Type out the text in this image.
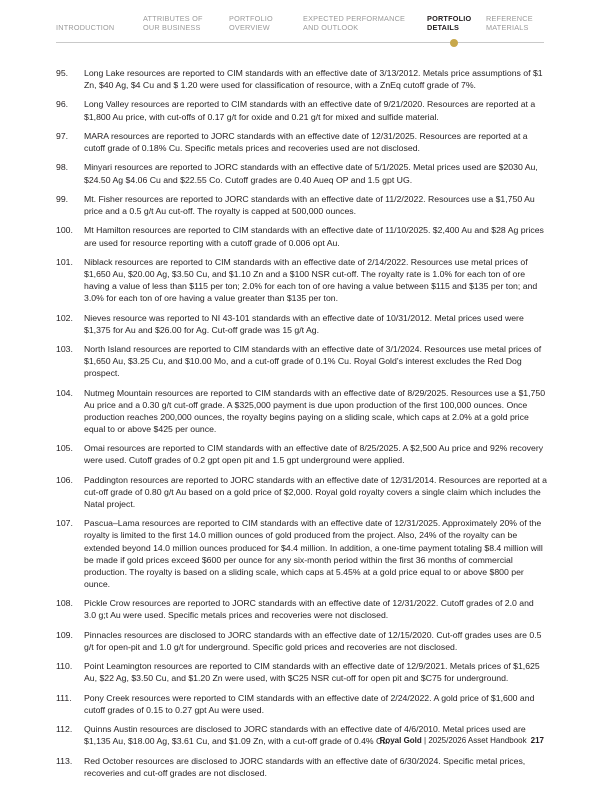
INTRODUCTION
ATTRIBUTES OF
OUR BUSINESS
PORTFOLIO
OVERVIEW
EXPECTED PERFORMANCE
AND OUTLOOK
PORTFOLIO
DETAILS
REFERENCE
MATERIALS
95. Long Lake resources are reported to CIM standards with an effective date of 3/13/2012. Metals price assumptions of $1 Zn, $40 Ag, $4 Cu and $ 1.20 were used for classification of resource, with a ZnEq cutoff grade of 7%.
96. Long Valley resources are reported to CIM standards with an effective date of 9/21/2020. Resources are reported at a $1,800 Au price, with cut-offs of 0.17 g/t for oxide and 0.21 g/t for mixed and sulfide material.
97. MARA resources are reported to JORC standards with an effective date of 12/31/2025. Resources are reported at a cutoff grade of 0.18% Cu. Specific metals prices and recoveries used are not disclosed.
98. Minyari resources are reported to JORC standards with an effective date of 5/1/2025. Metal prices used are $2030 Au, $24.50 Ag $4.06 Cu and $22.55 Co. Cutoff grades are 0.40 Aueq OP and 1.5 gpt UG.
99. Mt. Fisher resources are reported to JORC standards with an effective date of 11/2/2022. Resources use a $1,750 Au price and a 0.5 g/t Au cut-off. The royalty is capped at 500,000 ounces.
100. Mt Hamilton resources are reported to CIM standards with an effective date of 11/10/2025. $2,400 Au and $28 Ag prices are used for resource reporting with a cutoff grade of 0.006 opt Au.
101. Niblack resources are reported to CIM standards with an effective date of 2/14/2022. Resources use metal prices of $1,650 Au, $20.00 Ag, $3.50 Cu, and $1.10 Zn and a $100 NSR cut-off. The royalty rate is 1.0% for each ton of ore having a value of less than $115 per ton; 2.0% for each ton of ore having a value between $115 and $135 per ton; and 3.0% for each ton of ore having a value greater than $135 per ton.
102. Nieves resource was reported to NI 43-101 standards with an effective date of 10/31/2012. Metal prices used were $1,375 for Au and $26.00 for Ag. Cut-off grade was 15 g/t Ag.
103. North Island resources are reported to CIM standards with an effective date of 3/1/2024. Resources use metal prices of $1,650 Au, $3.25 Cu, and $10.00 Mo, and a cut-off grade of 0.1% Cu. Royal Gold’s interest excludes the Red Dog prospect.
104. Nutmeg Mountain resources are reported to CIM standards with an effective date of 8/29/2025. Resources use a $1,750 Au price and a 0.30 g/t cut-off grade. A $325,000 payment is due upon production of the first 100,000 ounces. Once production reaches 200,000 ounces, the royalty begins paying on a sliding scale, which caps at 2.0% at a gold price equal to or above $425 per ounce.
105. Omai resources are reported to CIM standards with an effective date of 8/25/2025. A $2,500 Au price and 92% recovery were used. Cutoff grades of 0.2 gpt open pit and 1.5 gpt underground were applied.
106. Paddington resources are reported to JORC standards with an effective date of 12/31/2014. Resources are reported at a cut-off grade of 0.80 g/t Au based on a gold price of $2,000. Royal gold royalty covers a single claim which includes the Natal project.
107. Pascua–Lama resources are reported to CIM standards with an effective date of 12/31/2025. Approximately 20% of the royalty is limited to the first 14.0 million ounces of gold produced from the project. Also, 24% of the royalty can be extended beyond 14.0 million ounces produced for $4.4 million. In addition, a one-time payment totaling $8.4 million will be made if gold prices exceed $600 per ounce for any six-month period within the first 36 months of commercial production. The royalty is based on a sliding scale, which caps at 5.45% at a gold price equal to or above $800 per ounce.
108. Pickle Crow resources are reported to JORC standards with an effective date of 12/31/2022. Cutoff grades of 2.0 and 3.0 g;t Au were used. Specific metals prices and recoveries were not disclosed.
109. Pinnacles resources are disclosed to JORC standards with an effective date of 12/15/2020. Cut-off grades uses are 0.5 g/t for open-pit and 1.0 g/t for underground. Specific gold prices and recoveries are not disclosed.
110. Point Leamington resources are reported to CIM standards with an effective date of 12/9/2021. Metals prices of $1,625 Au, $22 Ag, $3.50 Cu, and $1.20 Zn were used, with $C25 NSR cut-off for open pit and $C75 for underground.
111. Pony Creek resources were reported to CIM standards with an effective date of 2/24/2022. A gold price of $1,600 and cutoff grades of 0.15 to 0.27 gpt Au were used.
112. Quinns Austin resources are disclosed to JORC standards with an effective date of 4/6/2010. Metal prices used are $1,135 Au, $18.00 Ag, $3.61 Cu, and $1.09 Zn, with a cut-off grade of 0.4% Cu.
113. Red October resources are disclosed to JORC standards with an effective date of 6/30/2024. Specific metal prices, recoveries and cut-off grades are not disclosed.
Royal Gold | 2025/2026 Asset Handbook 217
